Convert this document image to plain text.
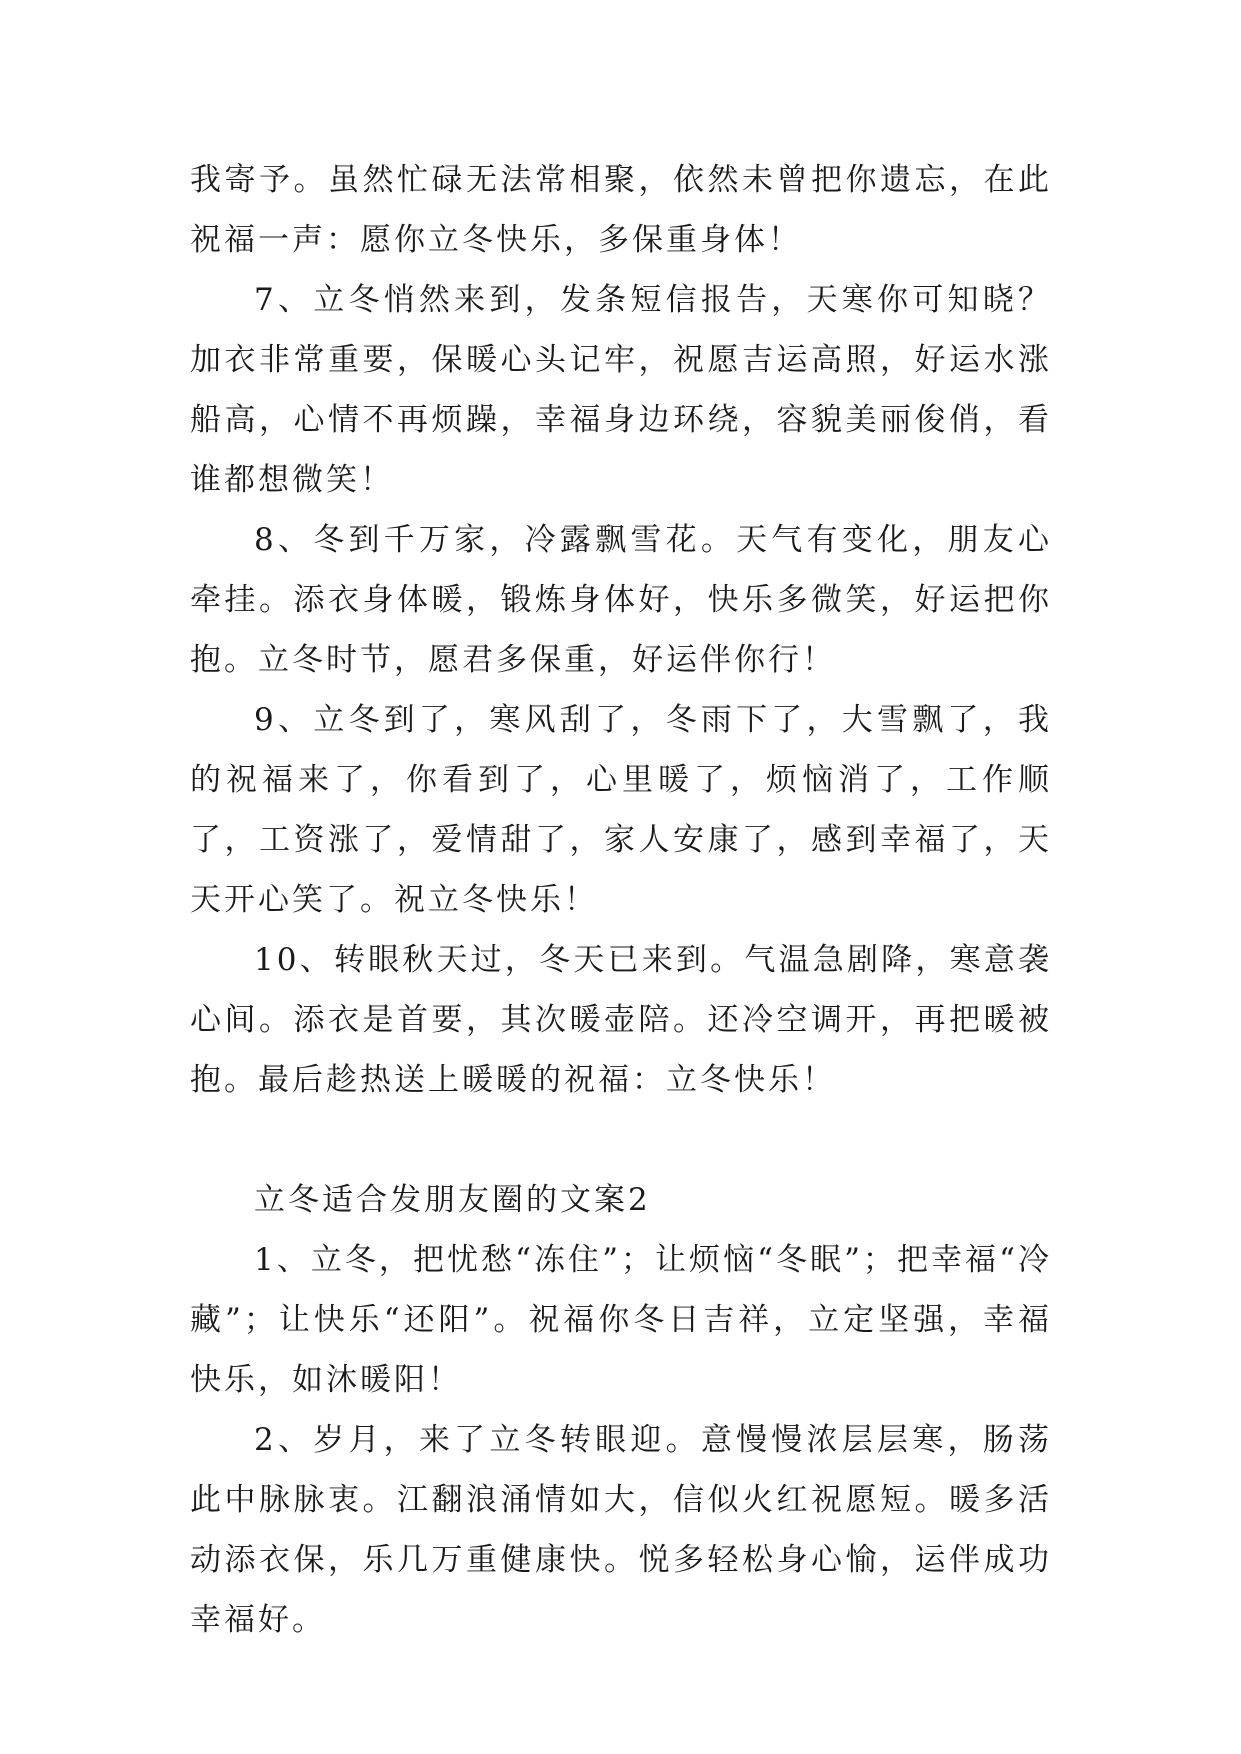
我寄予。虽然忙碌无法常相聚，依然未曾把你遗忘，在此祝福一声：愿你立冬快乐，多保重身体！

7、立冬悄然来到，发条短信报告，天寒你可知晓？加衣非常重要，保暖心头记牢，祝愿吉运高照，好运水涨船高，心情不再烦躁，幸福身边环绕，容貌美丽俊俏，看谁都想微笑！

8、冬到千万家，冷露飘雪花。天气有变化，朋友心牵挂。添衣身体暖，锻炼身体好，快乐多微笑，好运把你抱。立冬时节，愿君多保重，好运伴你行！

9、立冬到了，寒风刮了，冬雨下了，大雪飘了，我的祝福来了，你看到了，心里暖了，烦恼消了，工作顺了，工资涨了，爱情甜了，家人安康了，感到幸福了，天天开心笑了。祝立冬快乐！

10、转眼秋天过，冬天已来到。气温急剧降，寒意袭心间。添衣是首要，其次暖壶陪。还冷空调开，再把暖被抱。最后趁热送上暖暖的祝福：立冬快乐！

立冬适合发朋友圈的文案2

1、立冬，把忧愁“冻住”；让烦恼“冬眠”；把幸福“冷藏”；让快乐“还阳”。祝福你冬日吉祥，立定坚强，幸福快乐，如沐暖阳！

2、岁月，来了立冬转眼迎。意慢慢浓层层寒，肠荡此中脉脉衷。江翻浪涌情如大，信似火红祝愿短。暖多活动添衣保，乐几万重健康快。悦多轻松身心愉，运伴成功幸福好。
